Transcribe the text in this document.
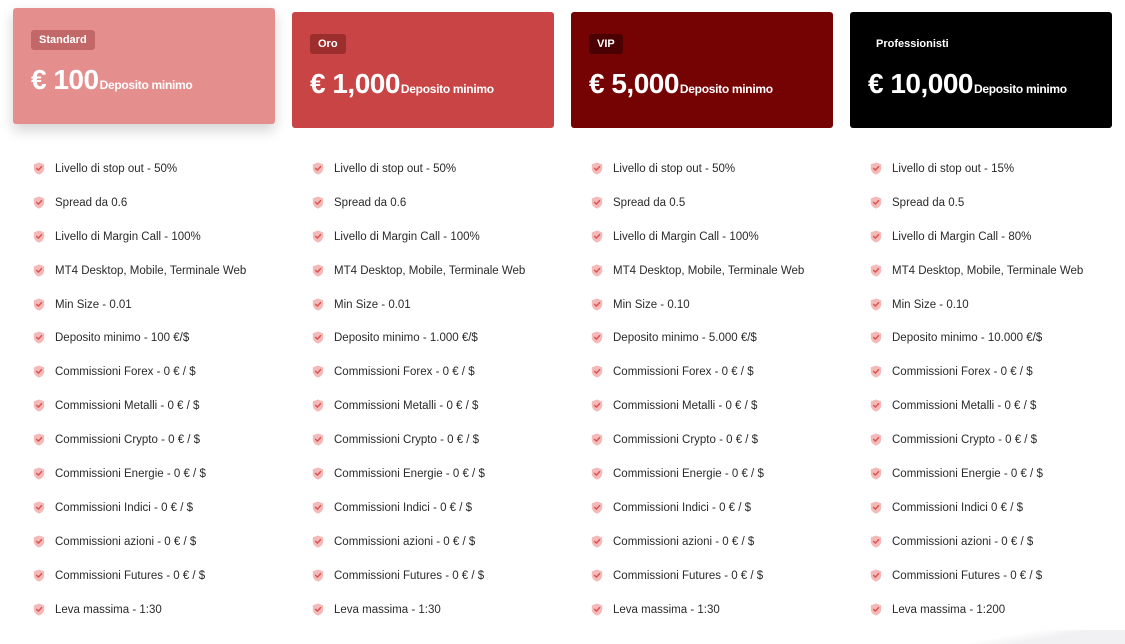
Standard
€ 100Deposito minimo
Livello di stop out - 50%
Spread da 0.6
Livello di Margin Call - 100%
MT4 Desktop, Mobile, Terminale Web
Min Size - 0.01
Deposito minimo - 100 €/$
Commissioni Forex - 0 € / $
Commissioni Metalli - 0 € / $
Commissioni Crypto - 0 € / $
Commissioni Energie - 0 € / $
Commissioni Indici - 0 € / $
Commissioni azioni - 0 € / $
Commissioni Futures - 0 € / $
Leva massima - 1:30
Oro
€ 1,000Deposito minimo
Livello di stop out - 50%
Spread da 0.6
Livello di Margin Call - 100%
MT4 Desktop, Mobile, Terminale Web
Min Size - 0.01
Deposito minimo - 1.000 €/$
Commissioni Forex - 0 € / $
Commissioni Metalli - 0 € / $
Commissioni Crypto - 0 € / $
Commissioni Energie - 0 € / $
Commissioni Indici - 0 € / $
Commissioni azioni - 0 € / $
Commissioni Futures - 0 € / $
Leva massima - 1:30
VIP
€ 5,000Deposito minimo
Livello di stop out - 50%
Spread da 0.5
Livello di Margin Call - 100%
MT4 Desktop, Mobile, Terminale Web
Min Size - 0.10
Deposito minimo - 5.000 €/$
Commissioni Forex - 0 € / $
Commissioni Metalli - 0 € / $
Commissioni Crypto - 0 € / $
Commissioni Energie - 0 € / $
Commissioni Indici - 0 € / $
Commissioni azioni - 0 € / $
Commissioni Futures - 0 € / $
Leva massima - 1:30
Professionisti
€ 10,000Deposito minimo
Livello di stop out - 15%
Spread da 0.5
Livello di Margin Call - 80%
MT4 Desktop, Mobile, Terminale Web
Min Size - 0.10
Deposito minimo - 10.000 €/$
Commissioni Forex - 0 € / $
Commissioni Metalli - 0 € / $
Commissioni Crypto - 0 € / $
Commissioni Energie - 0 € / $
Commissioni Indici 0 € / $
Commissioni azioni - 0 € / $
Commissioni Futures - 0 € / $
Leva massima - 1:200
